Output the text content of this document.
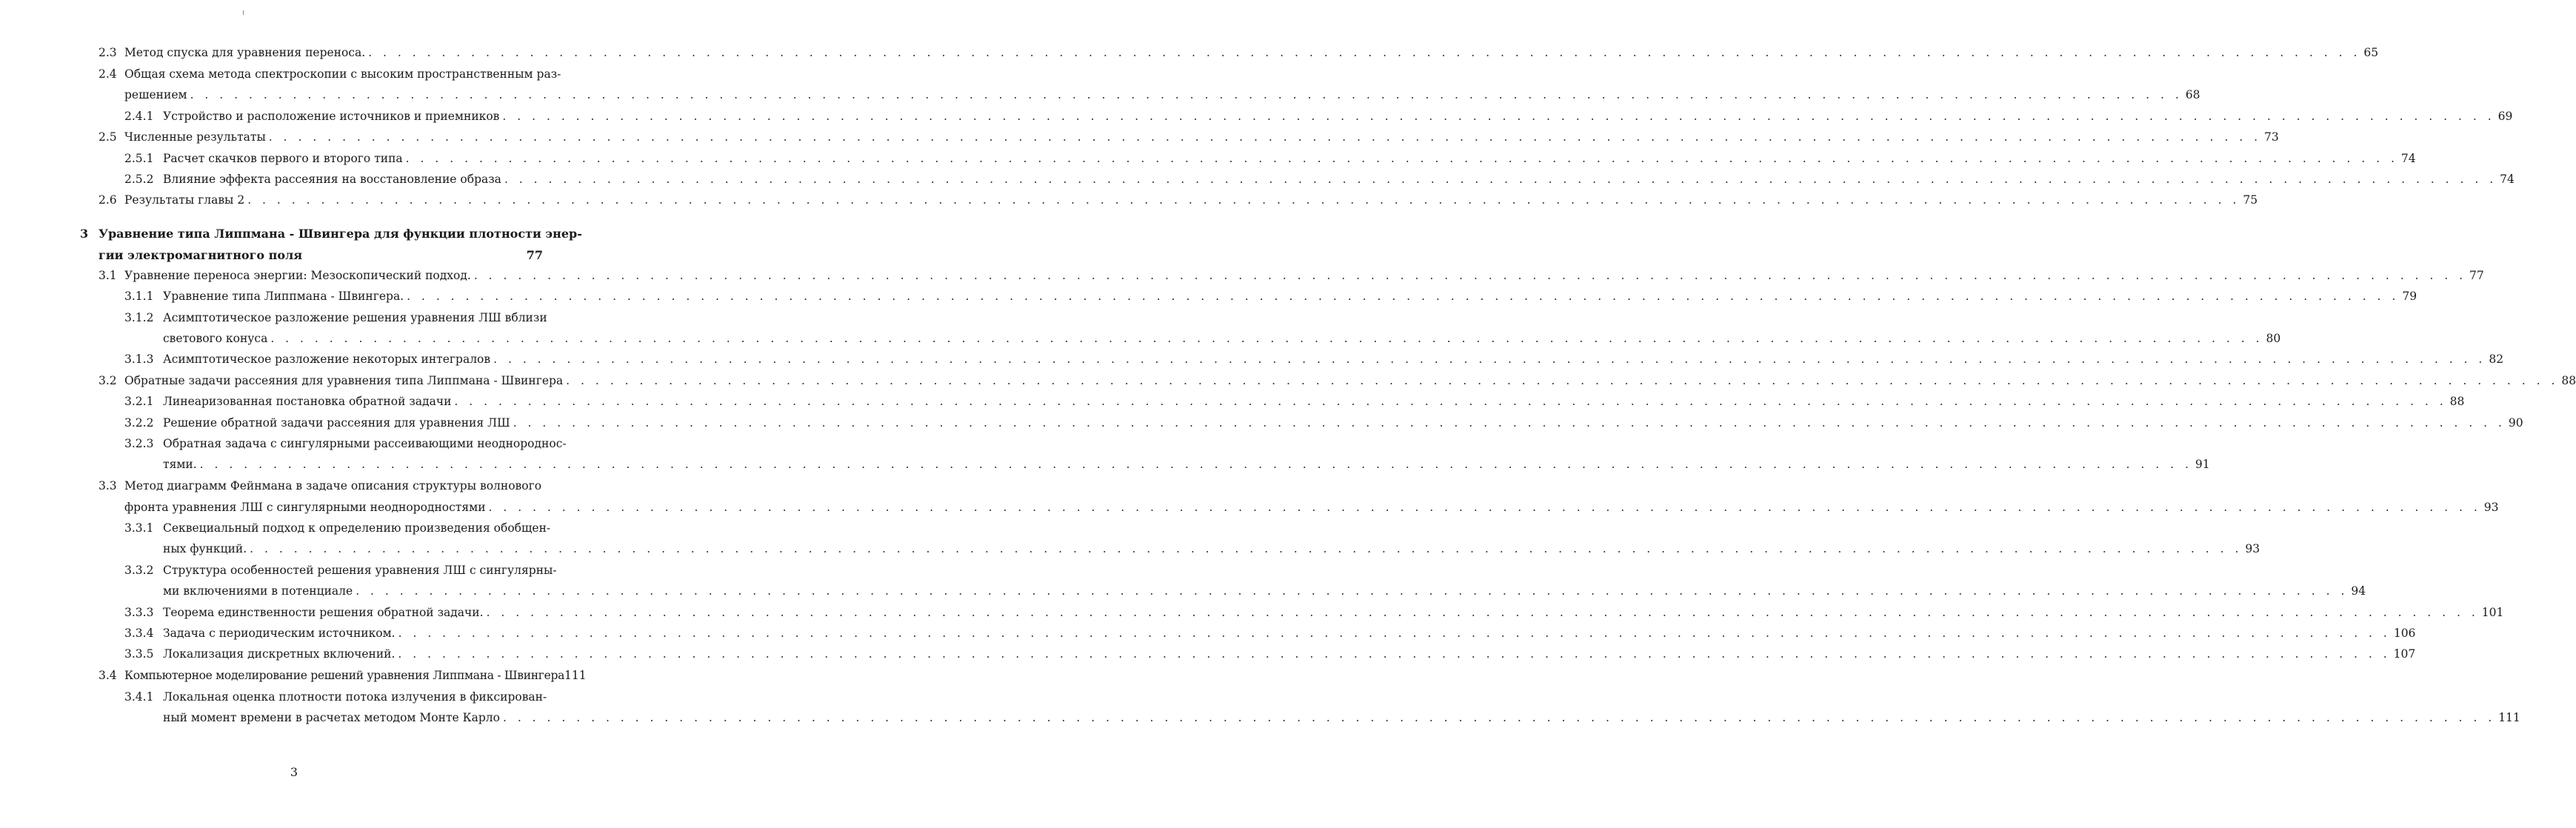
2.3 Метод спуска для уравнения переноса. . . .	65
2.4 Общая схема метода спектроскопии с высоким пространственным раз-
решением . . .	68
2.4.1 Устройство и расположение источников и приемников . . .	69
2.5 Численные результаты . . .	73
2.5.1 Расчет скачков первого и второго типа . . .	74
2.5.2 Влияние эффекта рассеяния на восстановление образа . . .	74
2.6 Результаты главы 2 . . .	75
3 Уравнение типа Липпмана - Швингера для функции плотности энер-
гии электромагнитного поля	77
3.1 Уравнение переноса энергии: Мезоскопический подход. . . .	77
3.1.1 Уравнение типа Липпмана - Швингера. . . .	79
3.1.2 Асимптотическое разложение решения уравнения ЛШ вблизи
светового конуса . . .	80
3.1.3 Асимптотическое разложение некоторых интегралов . . .	82
3.2 Обратные задачи рассеяния для уравнения типа Липпмана - Швингера . . .	88
3.2.1 Линеаризованная постановка обратной задачи . . .	88
3.2.2 Решение обратной задачи рассеяния для уравнения ЛШ . . .	90
3.2.3 Обратная задача с сингулярными рассеивающими неоднороднос-
тями. . . .	91
3.3 Метод диаграмм Фейнмана в задаче описания структуры волнового
фронта уравнения ЛШ с сингулярными неоднородностями . . .	93
3.3.1 Секвециальный подход к определению произведения обобщен-
ных функций. . . .	93
3.3.2 Структура особенностей решения уравнения ЛШ с сингулярны-
ми включениями в потенциале . . .	94
3.3.3 Теорема единственности решения обратной задачи. . . .	101
3.3.4 Задача с периодическим источником. . . .	106
3.3.5 Локализация дискретных включений. . . .	107
3.4 Компьютерное моделирование решений уравнения Липпмана - Швингера 111
3.4.1 Локальная оценка плотности потока излучения в фиксирован-
ный момент времени в расчетах методом Монте Карло . . .	111
3
